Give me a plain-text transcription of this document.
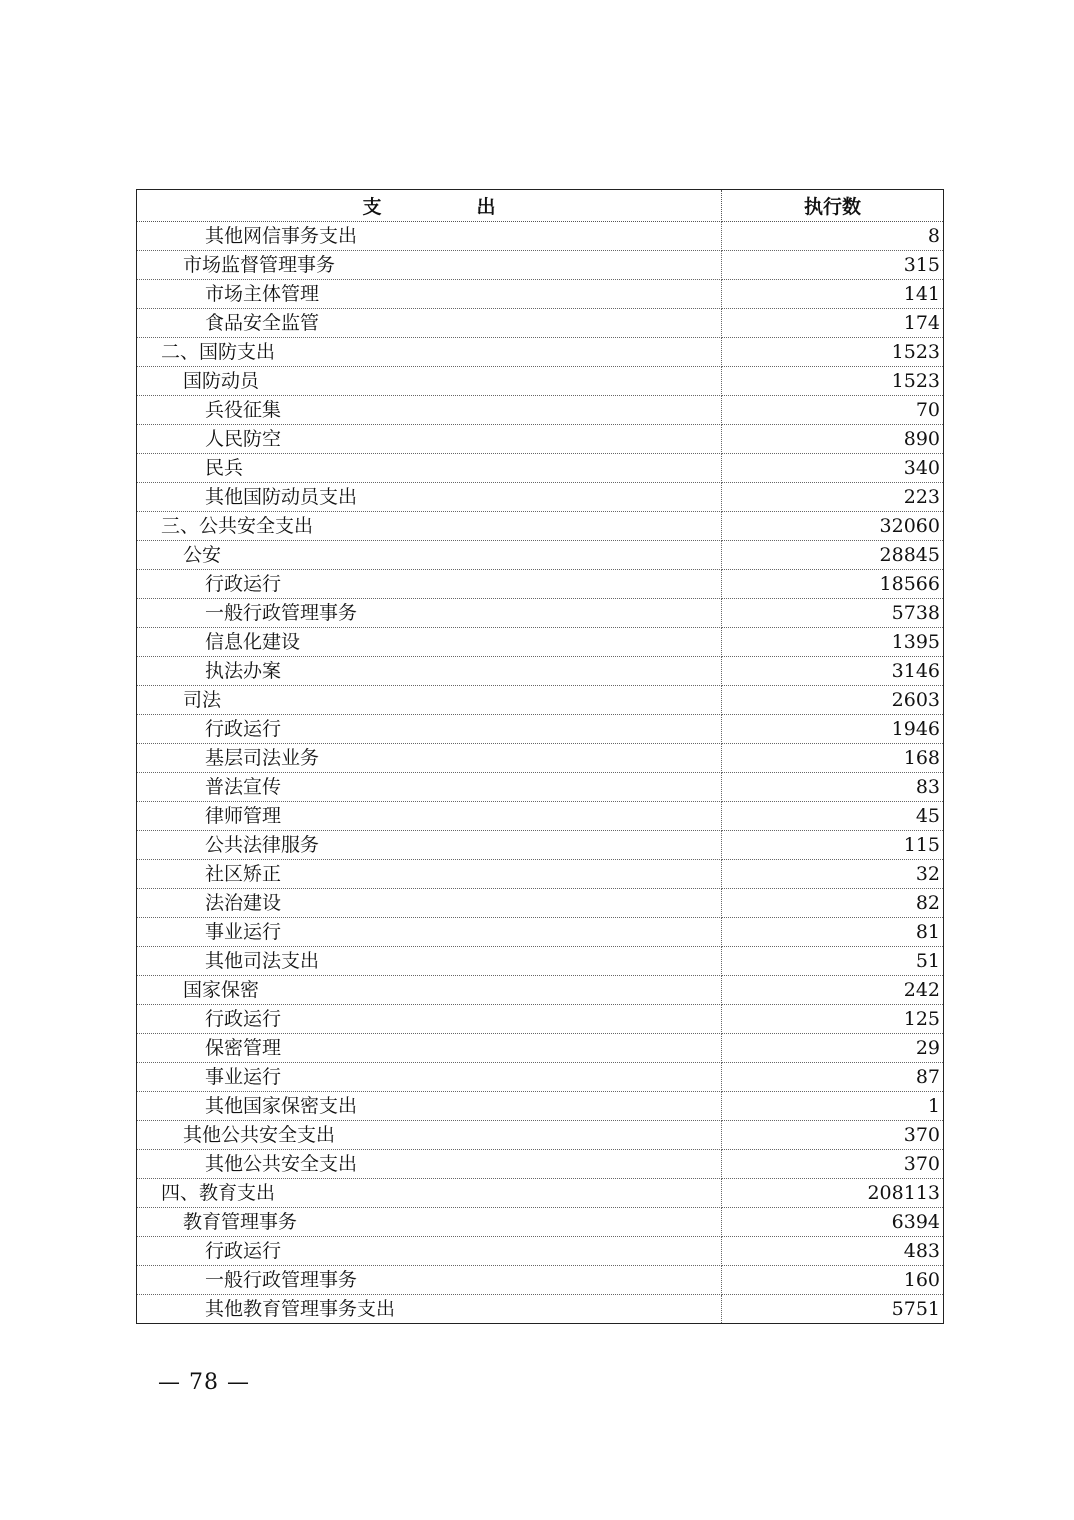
支　　　　　出	执行数
其他网信事务支出	8
市场监督管理事务	315
市场主体管理	141
食品安全监管	174
二、国防支出	1523
国防动员	1523
兵役征集	70
人民防空	890
民兵	340
其他国防动员支出	223
三、公共安全支出	32060
公安	28845
行政运行	18566
一般行政管理事务	5738
信息化建设	1395
执法办案	3146
司法	2603
行政运行	1946
基层司法业务	168
普法宣传	83
律师管理	45
公共法律服务	115
社区矫正	32
法治建设	82
事业运行	81
其他司法支出	51
国家保密	242
行政运行	125
保密管理	29
事业运行	87
其他国家保密支出	1
其他公共安全支出	370
其他公共安全支出	370
四、教育支出	208113
教育管理事务	6394
行政运行	483
一般行政管理事务	160
其他教育管理事务支出	5751
— 78 —
